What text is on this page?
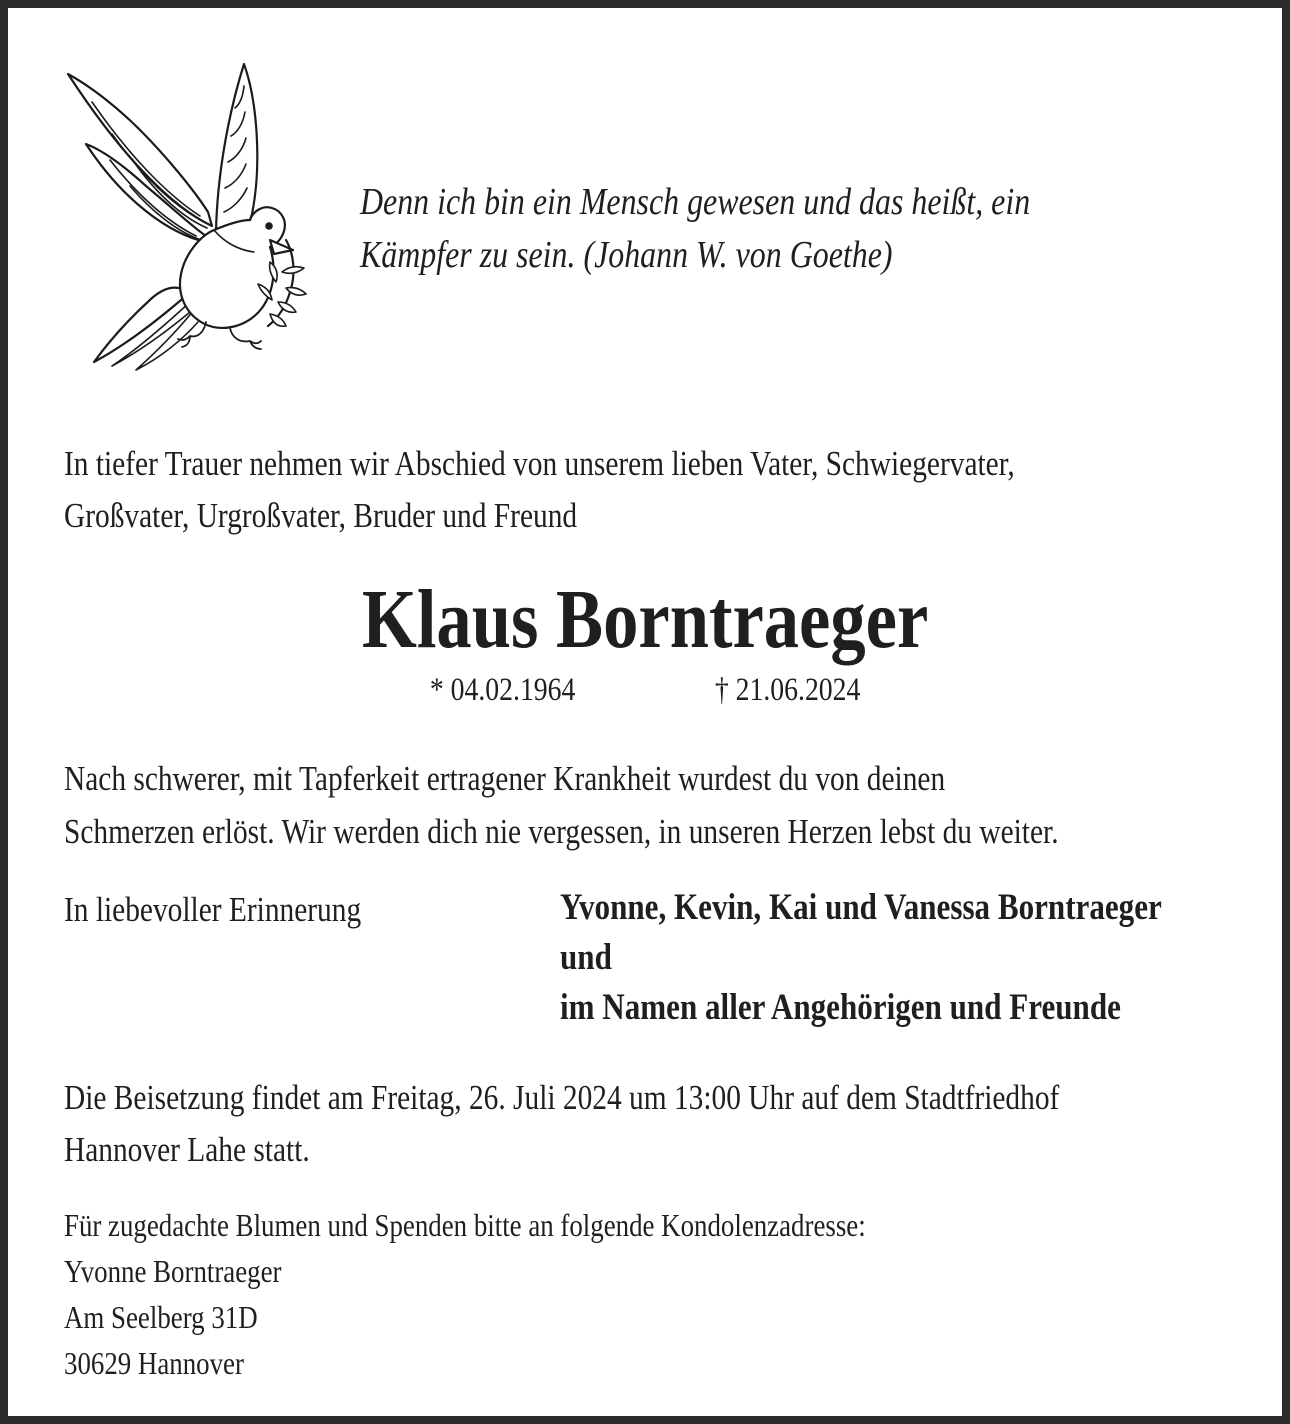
Denn ich bin ein Mensch gewesen und das heißt, ein
Kämpfer zu sein. (Johann W. von Goethe)
In tiefer Trauer nehmen wir Abschied von unserem lieben Vater, Schwiegervater,
Großvater, Urgroßvater, Bruder und Freund
Klaus Borntraeger
* 04.02.1964	† 21.06.2024
Nach schwerer, mit Tapferkeit ertragener Krankheit wurdest du von deinen
Schmerzen erlöst. Wir werden dich nie vergessen, in unseren Herzen lebst du weiter.
In liebevoller Erinnerung	Yvonne, Kevin, Kai und Vanessa Borntraeger
und
im Namen aller Angehörigen und Freunde
Die Beisetzung findet am Freitag, 26. Juli 2024 um 13:00 Uhr auf dem Stadtfriedhof
Hannover Lahe statt.
Für zugedachte Blumen und Spenden bitte an folgende Kondolenzadresse:
Yvonne Borntraeger
Am Seelberg 31D
30629 Hannover
